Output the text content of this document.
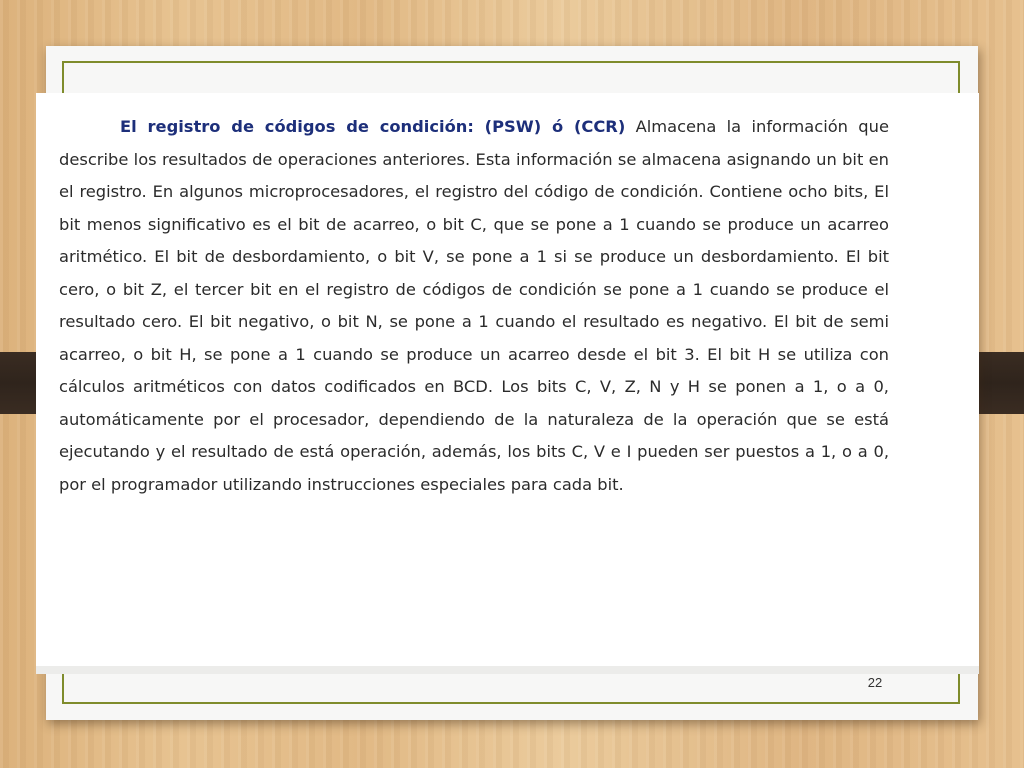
El registro de códigos de condición: (PSW) ó (CCR) Almacena la información que describe los resultados de operaciones anteriores. Esta información se almacena asignando un bit en el registro. En algunos microprocesadores, el registro del código de condición. Contiene ocho bits, El bit menos significativo es el bit de acarreo, o bit C, que se pone a 1 cuando se produce un acarreo aritmético. El bit de desbordamiento, o bit V, se pone a 1 si se produce un desbordamiento. El bit cero, o bit Z, el tercer bit en el registro de códigos de condición se pone a 1 cuando se produce el resultado cero. El bit negativo, o bit N, se pone a 1 cuando el resultado es negativo. El bit de semi acarreo, o bit H, se pone a 1 cuando se produce un acarreo desde el bit 3. El bit H se utiliza con cálculos aritméticos con datos codificados en BCD. Los bits C, V, Z, N y H se ponen a 1, o a 0, automáticamente por el procesador, dependiendo de la naturaleza de la operación que se está ejecutando y el resultado de está operación, además, los bits C, V e I pueden ser puestos a 1, o a 0, por el programador utilizando instrucciones especiales para cada bit.

22
